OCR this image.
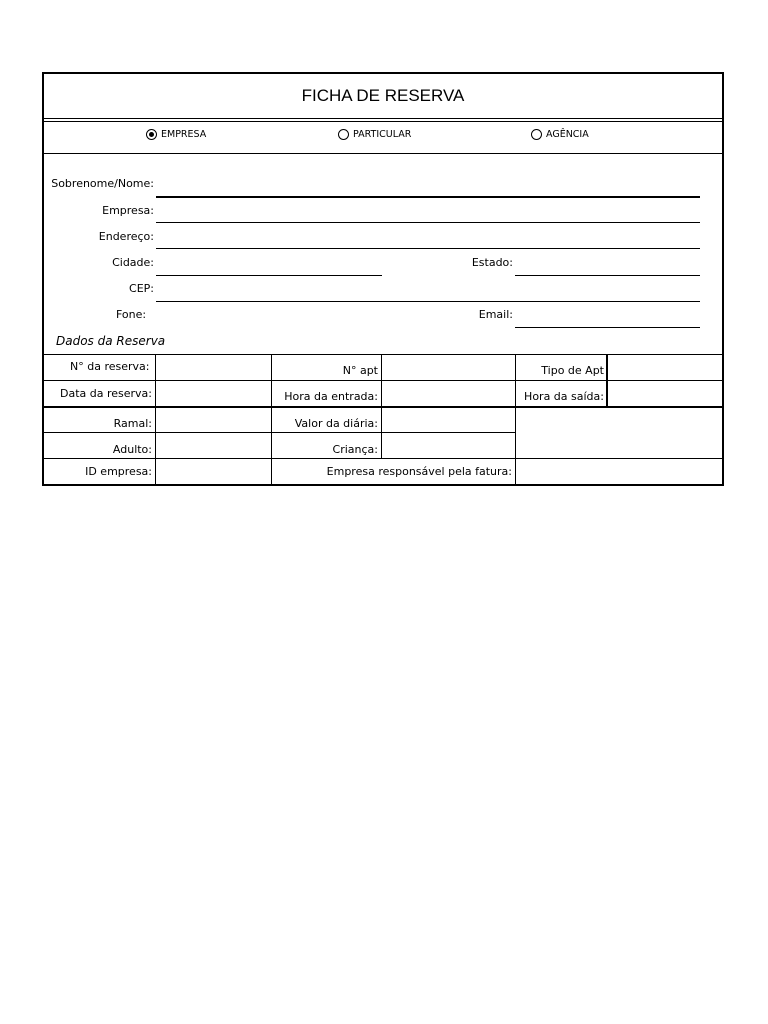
FICHA DE RESERVA
EMPRESA	PARTICULAR	AGÊNCIA
Sobrenome/Nome:
Empresa:
Endereço:
Cidade:	Estado:
CEP:
Fone:	Email:
Dados da Reserva
N° da reserva:	N° apt	Tipo de Apt
Data da reserva:	Hora da entrada:	Hora da saída:
Ramal:	Valor da diária:
Adulto:	Criança:
ID empresa:	Empresa responsável pela fatura:
